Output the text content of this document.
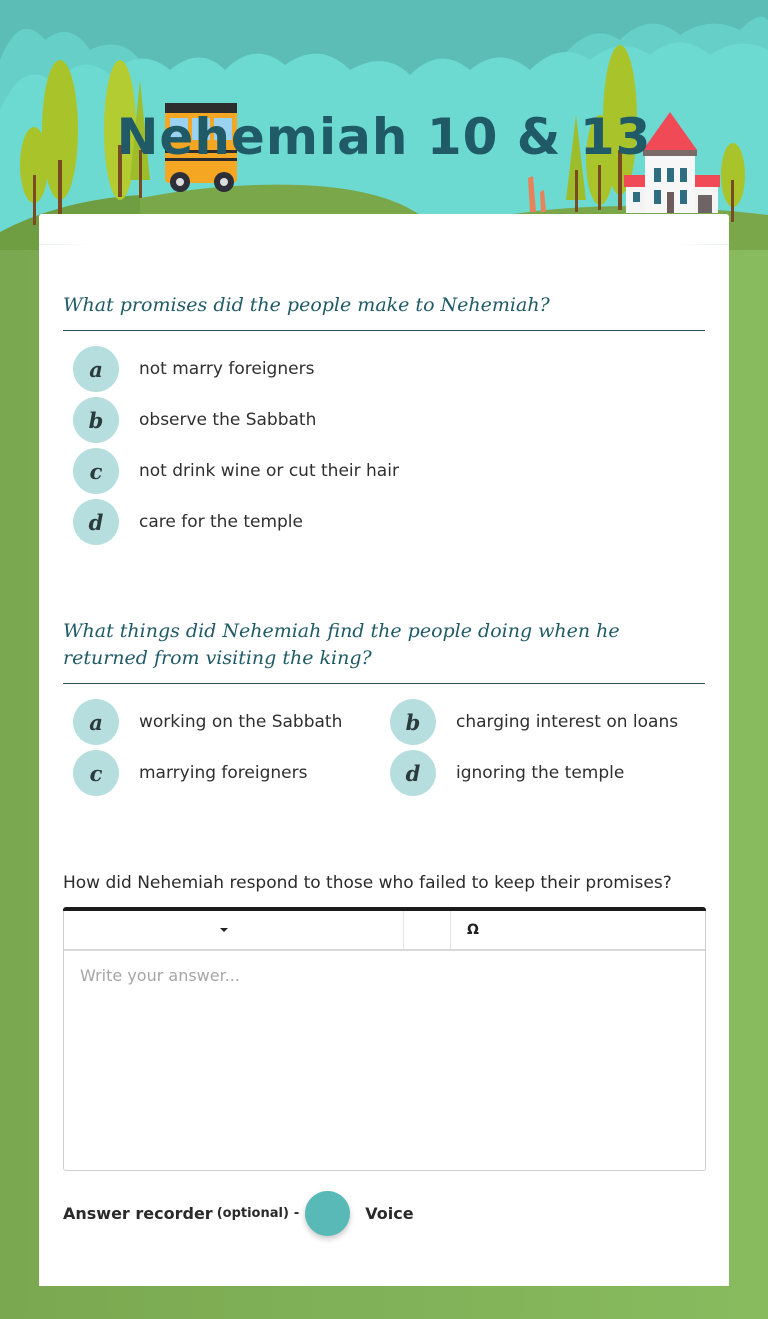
Nehemiah 10 & 13
What promises did the people make to Nehemiah?
a	not marry foreigners
b	observe the Sabbath
c	not drink wine or cut their hair
d	care for the temple
What things did Nehemiah find the people doing when he returned from visiting the king?
a	working on the Sabbath	b	charging interest on loans
c	marrying foreigners	d	ignoring the temple
How did Nehemiah respond to those who failed to keep their promises?
Ω
Write your answer...
Answer recorder (optional) -	Voice
